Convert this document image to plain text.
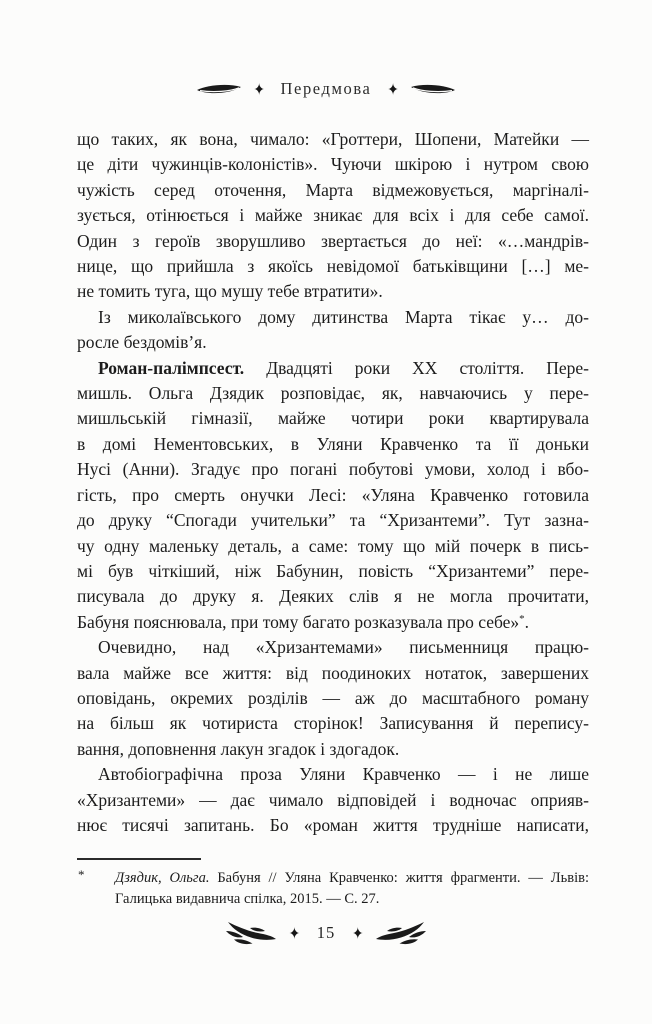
✦ Передмова ✦

що таких, як вона, чимало: «Гроттери, Шопени, Матейки —
це діти чужинців-колоністів». Чуючи шкірою і нутром свою
чужість серед оточення, Марта відмежовується, маргіналі-
зується, отінюється і майже зникає для всіх і для себе самої.
Один з героїв зворушливо звертається до неї: «…мандрів-
нице, що прийшла з якоїсь невідомої батьківщини […] ме-
не томить туга, що мушу тебе втратити».

Із миколаївського дому дитинства Марта тікає у… до-
росле бездомів’я.

Роман-палімпсест. Двадцяті роки ХХ століття. Пере-
мишль. Ольга Дзядик розповідає, як, навчаючись у пере-
мишльській гімназії, майже чотири роки квартирувала
в домі Нементовських, в Уляни Кравченко та її доньки
Нусі (Анни). Згадує про погані побутові умови, холод і вбо-
гість, про смерть онучки Лесі: «Уляна Кравченко готовила
до друку “Спогади учительки” та “Хризантеми”. Тут зазна-
чу одну маленьку деталь, а саме: тому що мій почерк в пись-
мі був чіткіший, ніж Бабунин, повість “Хризантеми” пере-
писувала до друку я. Деяких слів я не могла прочитати,
Бабуня пояснювала, при тому багато розказувала про себе»*.

Очевидно, над «Хризантемами» письменниця працю-
вала майже все життя: від поодиноких нотаток, завершених
оповідань, окремих розділів — аж до масштабного роману
на більш як чотириста сторінок! Записування й перепису-
вання, доповнення лакун згадок і здогадок.

Автобіографічна проза Уляни Кравченко — і не лише
«Хризантеми» — дає чимало відповідей і водночас оприяв-
нює тисячі запитань. Бо «роман життя трудніше написати,

* Дзядик, Ольга. Бабуня // Уляна Кравченко: життя фрагменти. — Львів:
Галицька видавнича спілка, 2015. — С. 27.
✦ 15 ✦
